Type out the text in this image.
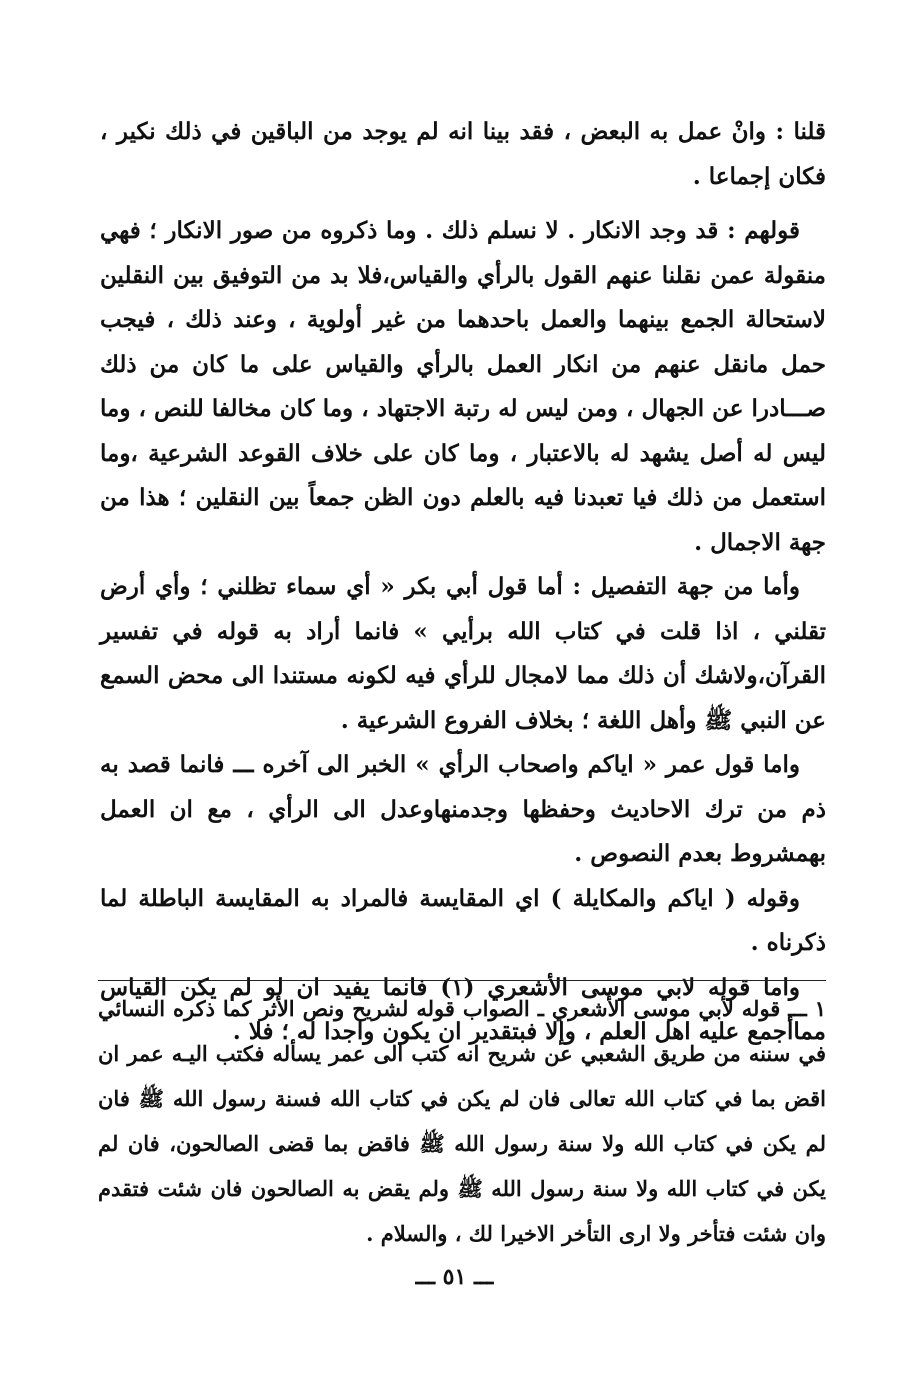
قلنا : وانْ عمل به البعض ، فقد بينا انه لم يوجد من الباقين في ذلك نكير ، فكان إجماعا .

قولهم : قد وجد الانكار . لا نسلم ذلك . وما ذكروه من صور الانكار ؛ فهي منقولة عمن نقلنا عنهم القول بالرأي والقياس،فلا بد من التوفيق بين النقلين لاستحالة الجمع بينهما والعمل باحدهما من غير أولوية ، وعند ذلك ، فيجب حمل مانقل عنهم من انكار العمل بالرأي والقياس على ما كان من ذلك صـــادرا عن الجهال ، ومن ليس له رتبة الاجتهاد ، وما كان مخالفا للنص ، وما ليس له أصل يشهد له بالاعتبار ، وما كان على خلاف القوعد الشرعية ،وما استعمل من ذلك فيا تعبدنا فيه بالعلم دون الظن جمعاً بين النقلين ؛ هذا من جهة الاجمال .

وأما من جهة التفصيل : أما قول أبي بكر « أي سماء تظلني ؛ وأي أرض تقلني ، اذا قلت في كتاب الله برأيي » فانما أراد به قوله في تفسير القرآن،ولاشك أن ذلك مما لامجال للرأي فيه لكونه مستندا الى محض السمع عن النبي ﷺ وأهل اللغة ؛ بخلاف الفروع الشرعية .

واما قول عمر « اياكم واصحاب الرأي » الخبر الى آخره ـــ فانما قصد به ذم من ترك الاحاديث وحفظها وجدمنهاوعدل الى الرأي ، مع ان العمل بهمشروط بعدم النصوص .

وقوله ( اياكم والمكايلة ) اي المقايسة فالمراد به المقايسة الباطلة لما ذكرناه .

واما قوله لابي موسى الأشعري (١) فانما يفيد ان لو لم يكن القياس مماأجمع عليه اهل العلم ، وإلا فبتقدير ان يكون واجدا له ؛ فلا .

١ ـــ قوله لأبي موسى الأشعري ـ الصواب قوله لشريح ونص الأثر كما ذكره النسائي في سننه من طريق الشعبي عن شريح انه كتب الى عمر يسأله فكتب اليـه عمر ان اقض بما في كتاب الله تعالى فان لم يكن في كتاب الله فسنة رسول الله ﷺ فان لم يكن في كتاب الله ولا سنة رسول الله ﷺ فاقض بما قضى الصالحون، فان لم يكن في كتاب الله ولا سنة رسول الله ﷺ ولم يقض به الصالحون فان شئت فتقدم وان شئت فتأخر ولا ارى التأخر الاخيرا لك ، والسلام .

ـــ ٥١ ـــ
